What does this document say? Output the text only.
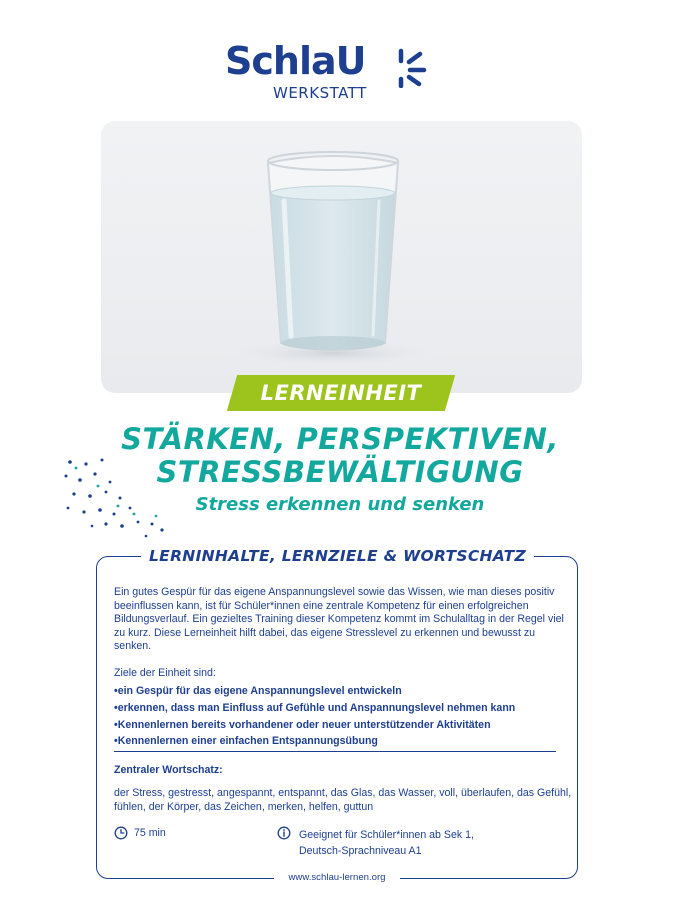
SchlaU
WERKSTATT
LERNEINHEIT
STÄRKEN, PERSPEKTIVEN,
STRESSBEWÄLTIGUNG
Stress erkennen und senken
LERNINHALTE, LERNZIELE & WORTSCHATZ

Ein gutes Gespür für das eigene Anspannungslevel sowie das Wissen, wie man dieses positiv beeinflussen kann, ist für Schüler*innen eine zentrale Kompetenz für einen erfolgreichen Bildungsverlauf. Ein gezieltes Training dieser Kompetenz kommt im Schulalltag in der Regel viel zu kurz. Diese Lerneinheit hilft dabei, das eigene Stresslevel zu erkennen und bewusst zu senken.

Ziele der Einheit sind:
• ein Gespür für das eigene Anspannungslevel entwickeln
• erkennen, dass man Einfluss auf Gefühle und Anspannungslevel nehmen kann
• Kennenlernen bereits vorhandener oder neuer unterstützender Aktivitäten
• Kennenlernen einer einfachen Entspannungsübung
Zentraler Wortschatz:

der Stress, gestresst, angespannt, entspannt, das Glas, das Wasser, voll, überlaufen, das Gefühl, fühlen, der Körper, das Zeichen, merken, helfen, guttun

75 min	Geeignet für Schüler*innen ab Sek 1,
Deutsch-Sprachniveau A1

www.schlau-lernen.org
